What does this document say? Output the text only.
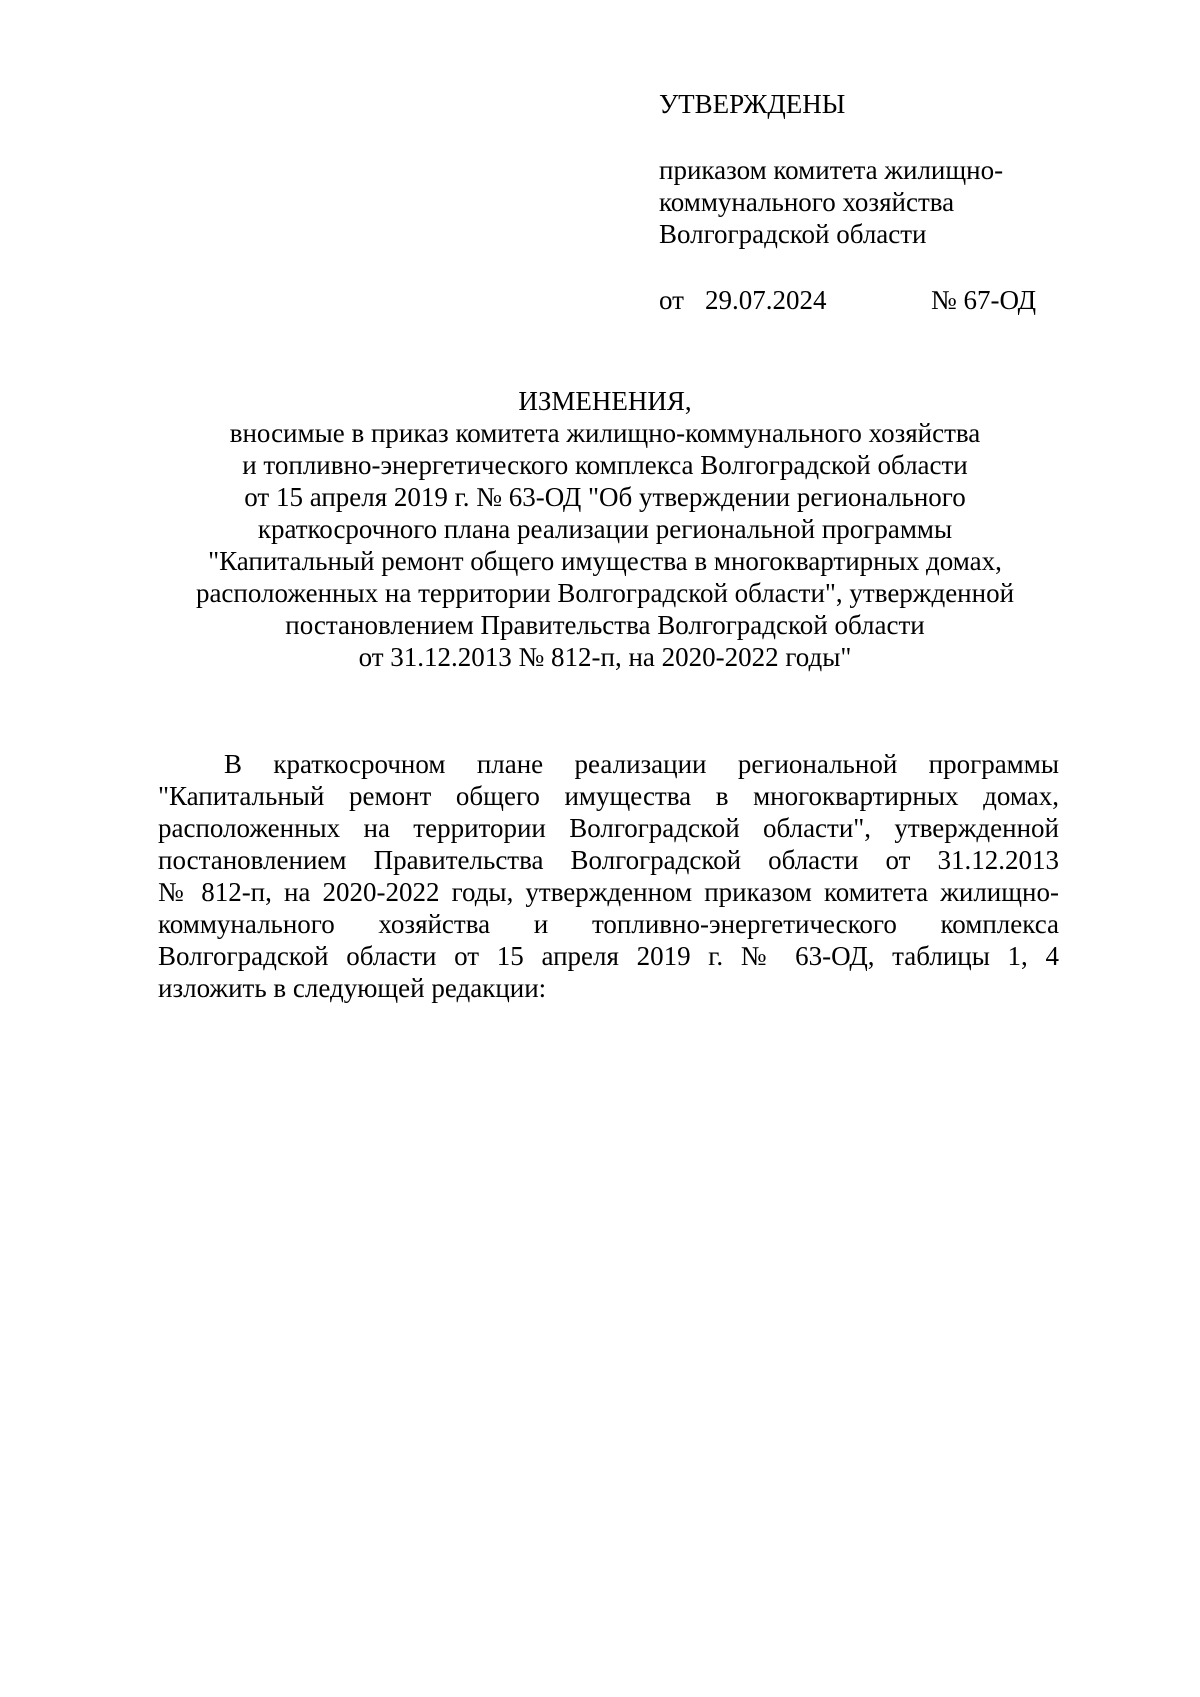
УТВЕРЖДЕНЫ
приказом комитета жилищно-
коммунального хозяйства
Волгоградской области
от 29.07.2024	№ 67-ОД
ИЗМЕНЕНИЯ,
вносимые в приказ комитета жилищно-коммунального хозяйства
и топливно-энергетического комплекса Волгоградской области
от 15 апреля 2019 г. № 63-ОД "Об утверждении регионального
краткосрочного плана реализации региональной программы
"Капитальный ремонт общего имущества в многоквартирных домах,
расположенных на территории Волгоградской области", утвержденной
постановлением Правительства Волгоградской области
от 31.12.2013 № 812-п, на 2020-2022 годы"
В краткосрочном плане реализации региональной программы
"Капитальный ремонт общего имущества в многоквартирных домах,
расположенных на территории Волгоградской области", утвержденной
постановлением Правительства Волгоградской области от 31.12.2013
№ 812-п, на 2020-2022 годы, утвержденном приказом комитета жилищно-
коммунального хозяйства и топливно-энергетического комплекса
Волгоградской области от 15 апреля 2019 г. № 63-ОД, таблицы 1, 4
изложить в следующей редакции:
